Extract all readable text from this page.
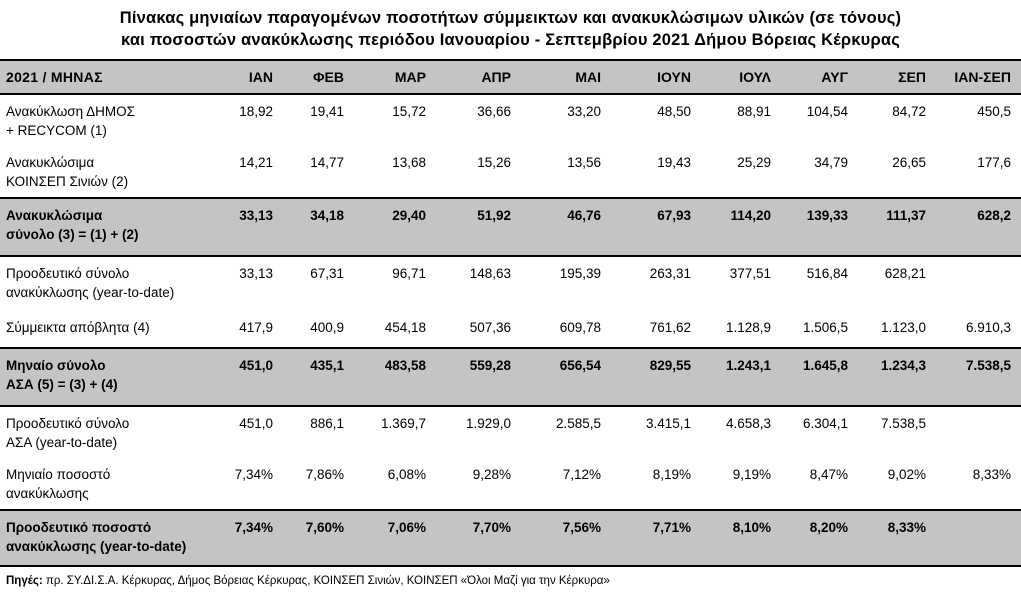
Πίνακας μηνιαίων παραγομένων ποσοτήτων σύμμεικτων και ανακυκλώσιμων υλικών (σε τόνους)
και ποσοστών ανακύκλωσης περιόδου Ιανουαρίου - Σεπτεμβρίου 2021 Δήμου Βόρειας Κέρκυρας
2021 / ΜΗΝΑΣ	ΙΑΝ	ΦΕΒ	ΜΑΡ	ΑΠΡ	ΜΑΙ	ΙΟΥΝ	ΙΟΥΛ	ΑΥΓ	ΣΕΠ	ΙΑΝ-ΣΕΠ

Ανακύκλωση ΔΗΜΟΣ
+ RECYCOM (1)	18,92	19,41	15,72	36,66	33,20	48,50	88,91	104,54	84,72	450,5

Ανακυκλώσιμα
ΚΟΙΝΣΕΠ Σινιών (2)	14,21	14,77	13,68	15,26	13,56	19,43	25,29	34,79	26,65	177,6

Ανακυκλώσιμα
σύνολο (3) = (1) + (2)	33,13	34,18	29,40	51,92	46,76	67,93	114,20	139,33	111,37	628,2

Προοδευτικό σύνολο
ανακύκλωσης (year-to-date)	33,13	67,31	96,71	148,63	195,39	263,31	377,51	516,84	628,21	

Σύμμεικτα απόβλητα (4)	417,9	400,9	454,18	507,36	609,78	761,62	1.128,9	1.506,5	1.123,0	6.910,3

Μηναίο σύνολο
ΑΣΑ (5) = (3) + (4)	451,0	435,1	483,58	559,28	656,54	829,55	1.243,1	1.645,8	1.234,3	7.538,5

Προοδευτικό σύνολο
ΑΣΑ (year-to-date)	451,0	886,1	1.369,7	1.929,0	2.585,5	3.415,1	4.658,3	6.304,1	7.538,5	

Μηνιαίο ποσοστό
ανακύκλωσης	7,34%	7,86%	6,08%	9,28%	7,12%	8,19%	9,19%	8,47%	9,02%	8,33%

Προοδευτικό ποσοστό
ανακύκλωσης (year-to-date)	7,34%	7,60%	7,06%	7,70%	7,56%	7,71%	8,10%	8,20%	8,33%	
Πηγές: πρ. ΣΥ.ΔΙ.Σ.Α. Κέρκυρας, Δήμος Βόρειας Κέρκυρας, ΚΟΙΝΣΕΠ Σινιών, ΚΟΙΝΣΕΠ «Όλοι Μαζί για την Κέρκυρα»
